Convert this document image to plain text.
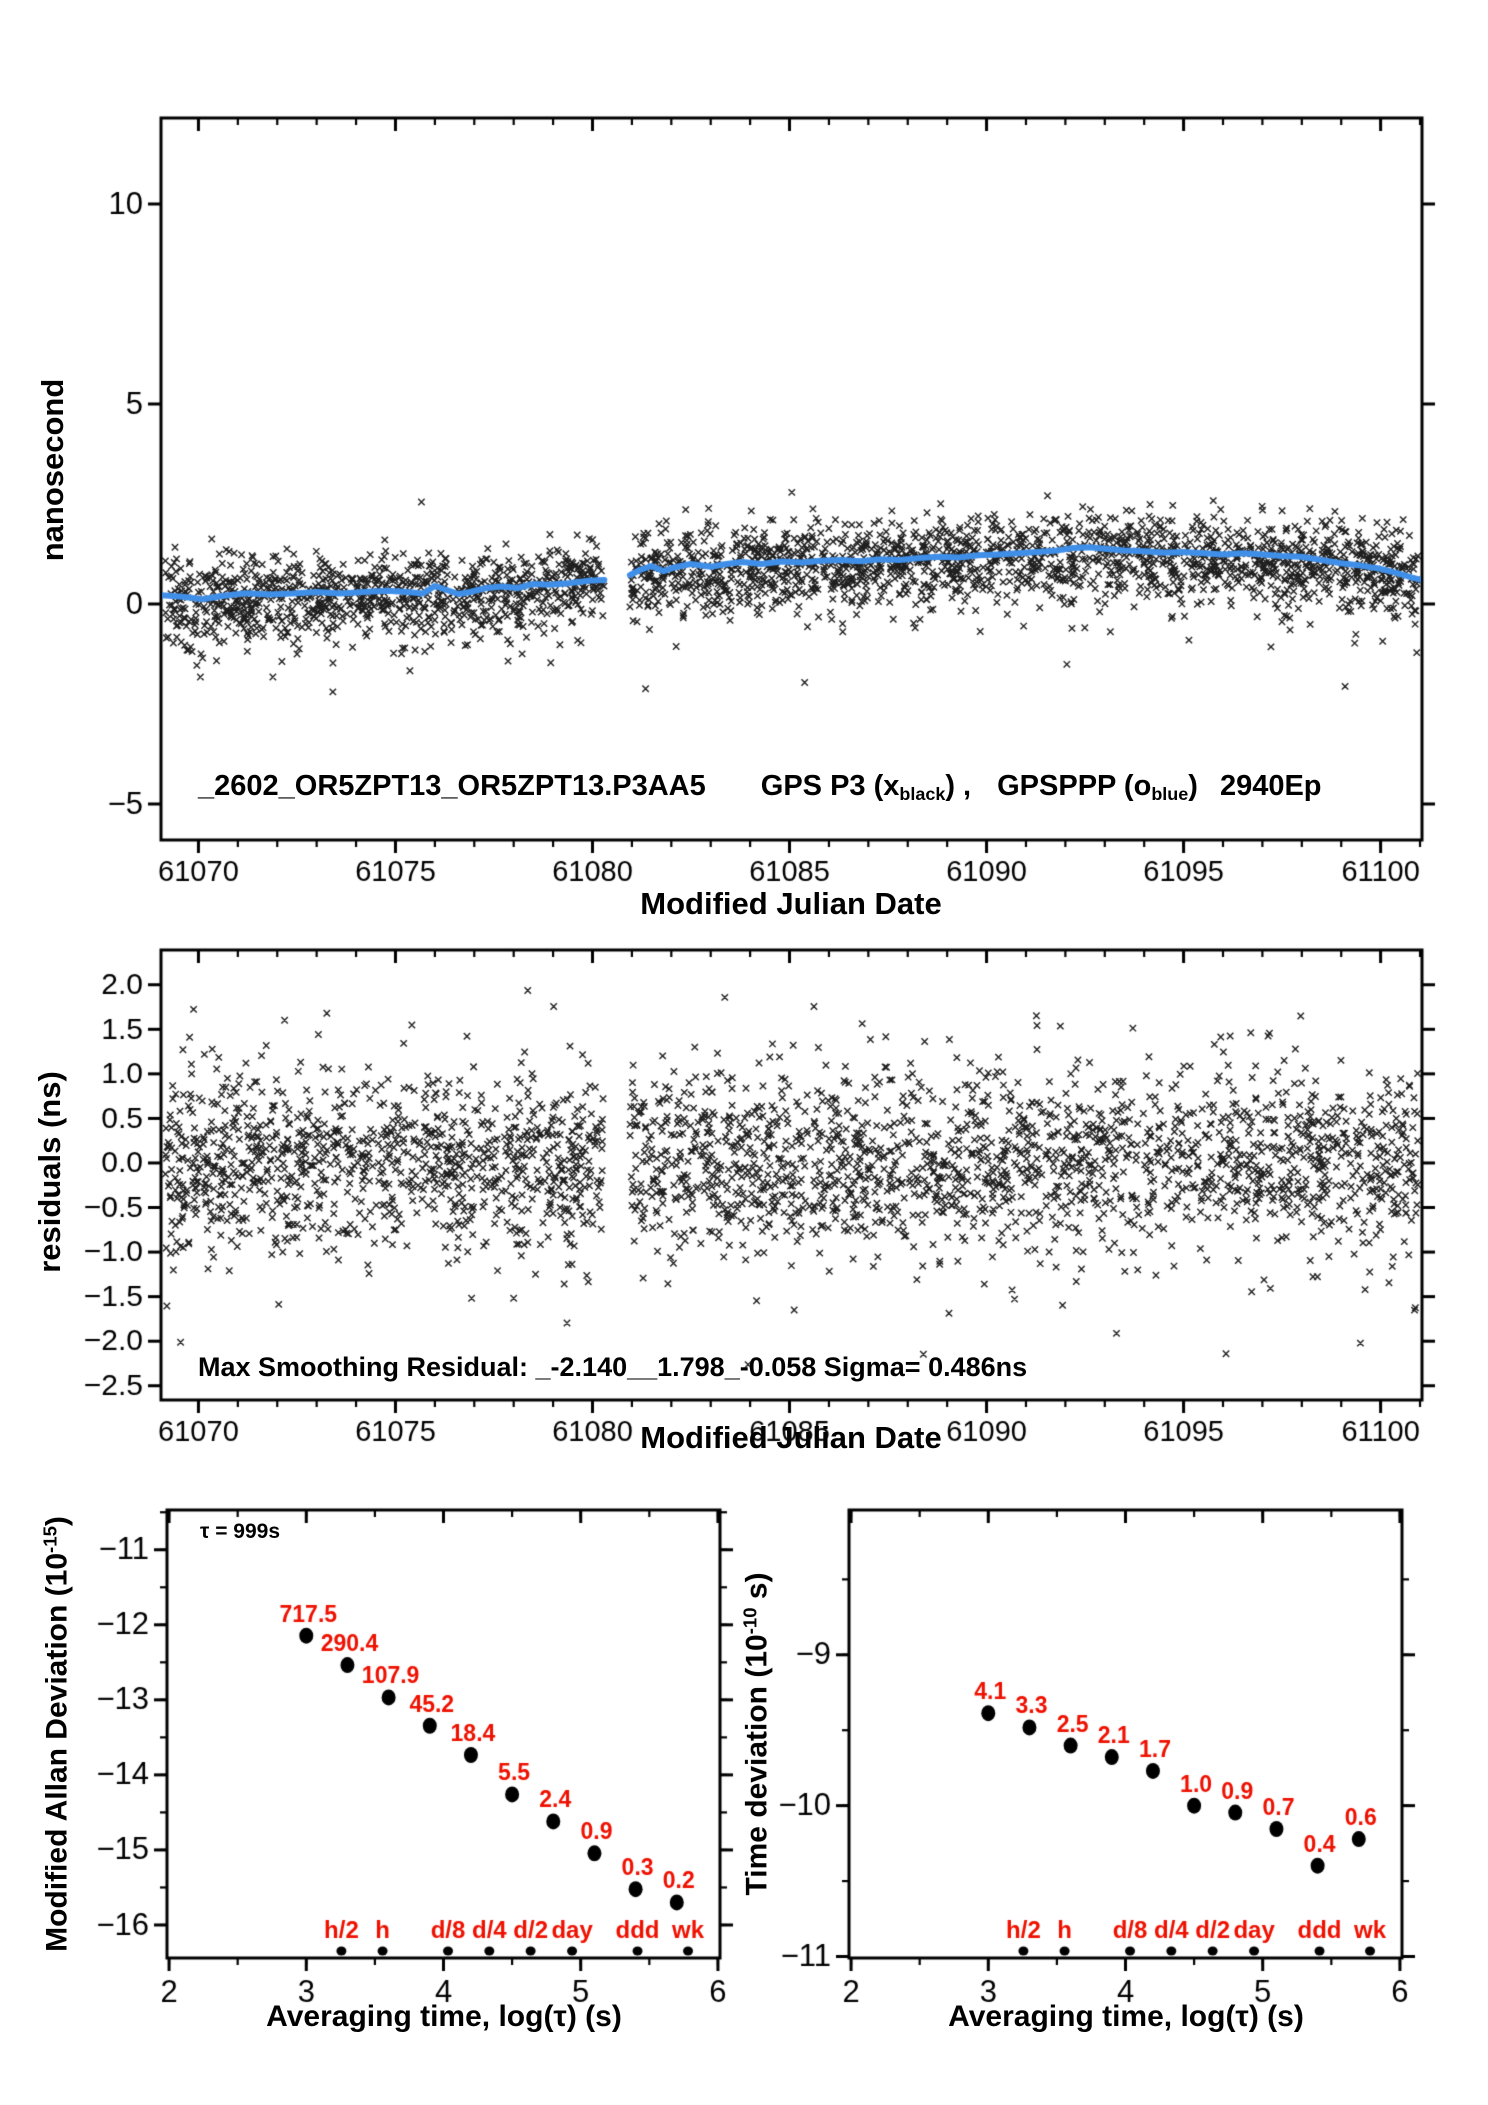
nanosecond
_2602_OR5ZPT13_OR5ZPT13.P3AA5 GPS P3 $(x_{black})$ , GPSPPP $(o_{blue})$ 2940Ep
Modified Julian Date
residuals (ns)
Max Smoothing Residual: _-2.140__1.798_-0.058 Sigma= 0.486ns
Modified Julian Date
Modified Allan Deviation $(10^{-15})$	τ = 999s
Averaging time, log(τ) (s)
Time deviation ($10^{-10}$ s)
Averaging time, log(τ) (s)
